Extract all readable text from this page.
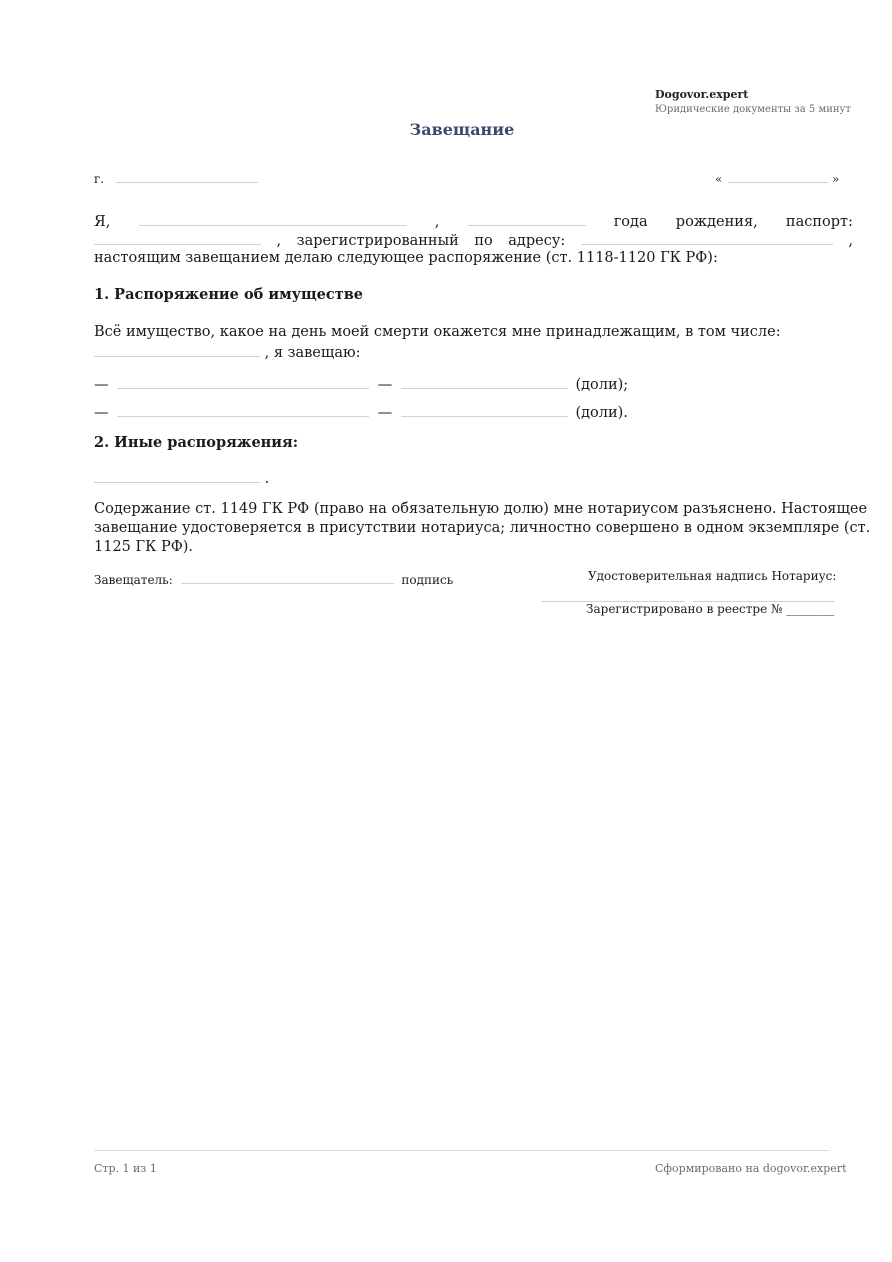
Dogovor.expert
Юридические документы за 5 минут
Завещание
г.	«	»
Я,	,	года рождения, паспорт:
, зарегистрированный по адресу:	,
настоящим завещанием делаю следующее распоряжение (ст. 1118-1120 ГК РФ):
1. Распоряжение об имуществе
Всё имущество, какое на день моей смерти окажется мне принадлежащим, в том числе:
, я завещаю:
—	—	(доли);
—	—	(доли).
2. Иные распоряжения:
.
Содержание ст. 1149 ГК РФ (право на обязательную долю) мне нотариусом разъяснено. Настоящее
завещание удостоверяется в присутствии нотариуса; личностно совершено в одном экземпляре (ст.
1125 ГК РФ).
Завещатель:	подпись	Удостоверительная надпись Нотариус:

Зарегистрировано в реестре № ________
Стр. 1 из 1	Сформировано на dogovor.expert
